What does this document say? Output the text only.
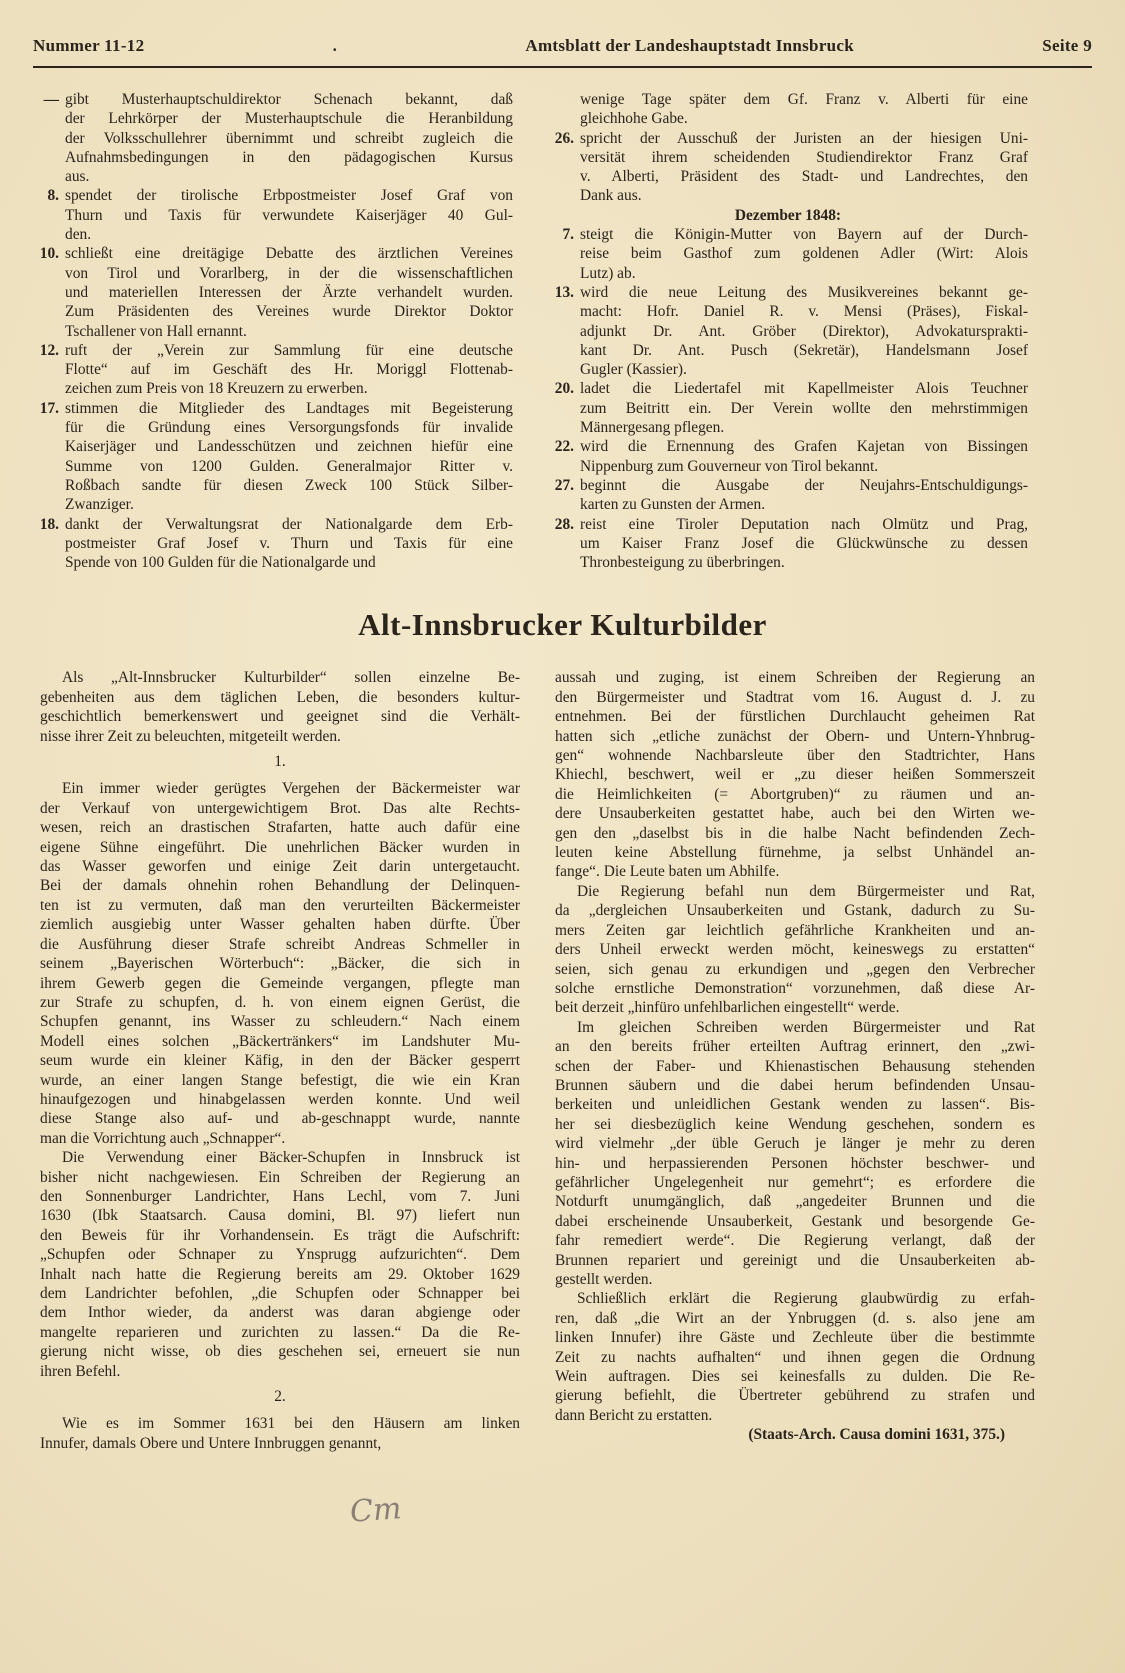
Nummer 11-12	.	Amtsblatt der Landeshauptstadt Innsbruck	Seite 9
— gibt Musterhauptschuldirektor Schenach bekannt, daß
der Lehrkörper der Musterhauptschule die Heranbildung
der Volksschullehrer übernimmt und schreibt zugleich die
Aufnahmsbedingungen in den pädagogischen Kursus
aus.
8. spendet der tirolische Erbpostmeister Josef Graf von
Thurn und Taxis für verwundete Kaiserjäger 40 Gul-
den.
10. schließt eine dreitägige Debatte des ärztlichen Vereines
von Tirol und Vorarlberg, in der die wissenschaftlichen
und materiellen Interessen der Ärzte verhandelt wurden.
Zum Präsidenten des Vereines wurde Direktor Doktor
Tschallener von Hall ernannt.
12. ruft der „Verein zur Sammlung für eine deutsche
Flotte“ auf im Geschäft des Hr. Moriggl Flottenab-
zeichen zum Preis von 18 Kreuzern zu erwerben.
17. stimmen die Mitglieder des Landtages mit Begeisterung
für die Gründung eines Versorgungsfonds für invalide
Kaiserjäger und Landesschützen und zeichnen hiefür eine
Summe von 1200 Gulden. Generalmajor Ritter v.
Roßbach sandte für diesen Zweck 100 Stück Silber-
Zwanziger.
18. dankt der Verwaltungsrat der Nationalgarde dem Erb-
postmeister Graf Josef v. Thurn und Taxis für eine
Spende von 100 Gulden für die Nationalgarde und
wenige Tage später dem Gf. Franz v. Alberti für eine
gleichhohe Gabe.
26. spricht der Ausschuß der Juristen an der hiesigen Uni-
versität ihrem scheidenden Studiendirektor Franz Graf
v. Alberti, Präsident des Stadt- und Landrechtes, den
Dank aus.
Dezember 1848:
7. steigt die Königin-Mutter von Bayern auf der Durch-
reise beim Gasthof zum goldenen Adler (Wirt: Alois
Lutz) ab.
13. wird die neue Leitung des Musikvereines bekannt ge-
macht: Hofr. Daniel R. v. Mensi (Präses), Fiskal-
adjunkt Dr. Ant. Gröber (Direktor), Advokatursprakti-
kant Dr. Ant. Pusch (Sekretär), Handelsmann Josef
Gugler (Kassier).
20. ladet die Liedertafel mit Kapellmeister Alois Teuchner
zum Beitritt ein. Der Verein wollte den mehrstimmigen
Männergesang pflegen.
22. wird die Ernennung des Grafen Kajetan von Bissingen
Nippenburg zum Gouverneur von Tirol bekannt.
27. beginnt die Ausgabe der Neujahrs-Entschuldigungs-
karten zu Gunsten der Armen.
28. reist eine Tiroler Deputation nach Olmütz und Prag,
um Kaiser Franz Josef die Glückwünsche zu dessen
Thronbesteigung zu überbringen.
Alt-Innsbrucker Kulturbilder
Als „Alt-Innsbrucker Kulturbilder“ sollen einzelne Be-
gebenheiten aus dem täglichen Leben, die besonders kultur-
geschichtlich bemerkenswert und geeignet sind die Verhält-
nisse ihrer Zeit zu beleuchten, mitgeteilt werden.
1.
Ein immer wieder gerügtes Vergehen der Bäckermeister war
der Verkauf von untergewichtigem Brot. Das alte Rechts-
wesen, reich an drastischen Strafarten, hatte auch dafür eine
eigene Sühne eingeführt. Die unehrlichen Bäcker wurden in
das Wasser geworfen und einige Zeit darin untergetaucht.
Bei der damals ohnehin rohen Behandlung der Delinquen-
ten ist zu vermuten, daß man den verurteilten Bäckermeister
ziemlich ausgiebig unter Wasser gehalten haben dürfte. Über
die Ausführung dieser Strafe schreibt Andreas Schmeller in
seinem „Bayerischen Wörterbuch“: „Bäcker, die sich in
ihrem Gewerb gegen die Gemeinde vergangen, pflegte man
zur Strafe zu schupfen, d. h. von einem eignen Gerüst, die
Schupfen genannt, ins Wasser zu schleudern.“ Nach einem
Modell eines solchen „Bäckertränkers“ im Landshuter Mu-
seum wurde ein kleiner Käfig, in den der Bäcker gesperrt
wurde, an einer langen Stange befestigt, die wie ein Kran
hinaufgezogen und hinabgelassen werden konnte. Und weil
diese Stange also auf- und ab-geschnappt wurde, nannte
man die Vorrichtung auch „Schnapper“.
Die Verwendung einer Bäcker-Schupfen in Innsbruck ist
bisher nicht nachgewiesen. Ein Schreiben der Regierung an
den Sonnenburger Landrichter, Hans Lechl, vom 7. Juni
1630 (Ibk Staatsarch. Causa domini, Bl. 97) liefert nun
den Beweis für ihr Vorhandensein. Es trägt die Aufschrift:
„Schupfen oder Schnaper zu Ynsprugg aufzurichten“. Dem
Inhalt nach hatte die Regierung bereits am 29. Oktober 1629
dem Landrichter befohlen, „die Schupfen oder Schnapper bei
dem Inthor wieder, da anderst was daran abgienge oder
mangelte reparieren und zurichten zu lassen.“ Da die Re-
gierung nicht wisse, ob dies geschehen sei, erneuert sie nun
ihren Befehl.
2.
Wie es im Sommer 1631 bei den Häusern am linken
Innufer, damals Obere und Untere Innbruggen genannt,
aussah und zuging, ist einem Schreiben der Regierung an
den Bürgermeister und Stadtrat vom 16. August d. J. zu
entnehmen. Bei der fürstlichen Durchlaucht geheimen Rat
hatten sich „etliche zunächst der Obern- und Untern-Yhnbrug-
gen“ wohnende Nachbarsleute über den Stadtrichter, Hans
Khiechl, beschwert, weil er „zu dieser heißen Sommerszeit
die Heimlichkeiten (= Abortgruben)“ zu räumen und an-
dere Unsauberkeiten gestattet habe, auch bei den Wirten we-
gen den „daselbst bis in die halbe Nacht befindenden Zech-
leuten keine Abstellung fürnehme, ja selbst Unhändel an-
fange“. Die Leute baten um Abhilfe.
Die Regierung befahl nun dem Bürgermeister und Rat,
da „dergleichen Unsauberkeiten und Gstank, dadurch zu Su-
mers Zeiten gar leichtlich gefährliche Krankheiten und an-
ders Unheil erweckt werden möcht, keineswegs zu erstatten“
seien, sich genau zu erkundigen und „gegen den Verbrecher
solche ernstliche Demonstration“ vorzunehmen, daß diese Ar-
beit derzeit „hinfüro unfehlbarlichen eingestellt“ werde.
Im gleichen Schreiben werden Bürgermeister und Rat
an den bereits früher erteilten Auftrag erinnert, den „zwi-
schen der Faber- und Khienastischen Behausung stehenden
Brunnen säubern und die dabei herum befindenden Unsau-
berkeiten und unleidlichen Gestank wenden zu lassen“. Bis-
her sei diesbezüglich keine Wendung geschehen, sondern es
wird vielmehr „der üble Geruch je länger je mehr zu deren
hin- und herpassierenden Personen höchster beschwer- und
gefährlicher Ungelegenheit nur gemehrt“; es erfordere die
Notdurft unumgänglich, daß „angedeiter Brunnen und die
dabei erscheinende Unsauberkeit, Gestank und besorgende Ge-
fahr remediert werde“. Die Regierung verlangt, daß der
Brunnen repariert und gereinigt und die Unsauberkeiten ab-
gestellt werden.
Schließlich erklärt die Regierung glaubwürdig zu erfah-
ren, daß „die Wirt an der Ynbruggen (d. s. also jene am
linken Innufer) ihre Gäste und Zechleute über die bestimmte
Zeit zu nachts aufhalten“ und ihnen gegen die Ordnung
Wein auftragen. Dies sei keinesfalls zu dulden. Die Re-
gierung befiehlt, die Übertreter gebührend zu strafen und
dann Bericht zu erstatten.
(Staats-Arch. Causa domini 1631, 375.)
Cm
